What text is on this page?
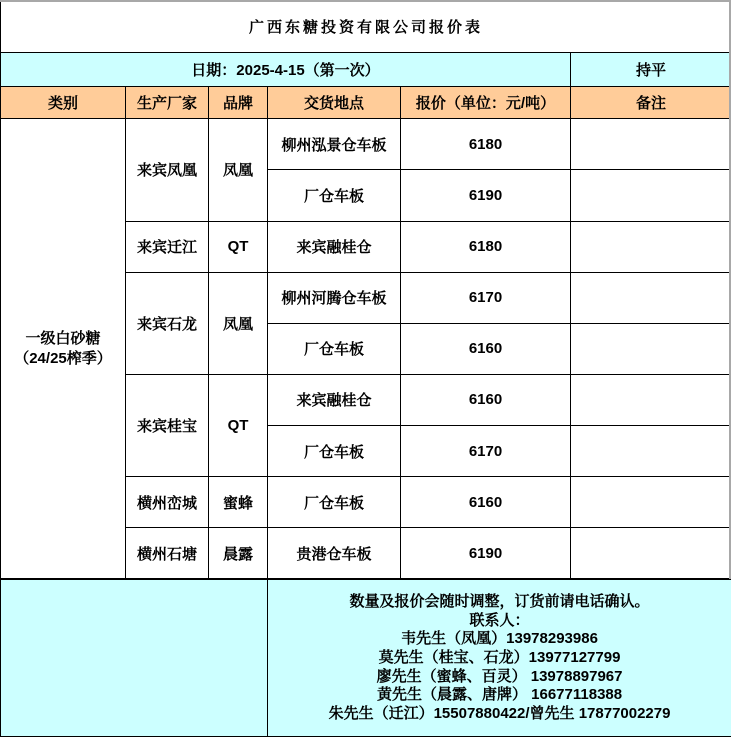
广西东糖投资有限公司报价表					
日期：2025-4-15（第一次）					持平
类别	生产厂家	品牌	交货地点	报价（单位：元/吨）	备注

一级白砂糖
（24/25榨季）	来宾凤凰	凤凰	柳州泓景仓车板	6180	
			厂仓车板	6190	
	来宾迁江	QT	来宾融桂仓	6180	
	来宾石龙	凤凰	柳州河腾仓车板	6170	
			厂仓车板	6160	
	来宾桂宝	QT	来宾融桂仓	6160	
			厂仓车板	6170	
	横州峦城	蜜蜂	厂仓车板	6160	
	横州石塘	晨露	贵港仓车板	6190	

数量及报价会随时调整，订货前请电话确认。
联系人：
韦先生（凤凰）13978293986
莫先生（桂宝、石龙）13977127799
廖先生（蜜蜂、百灵） 13978897967
黄先生（晨露、唐牌） 16677118388
朱先生（迁江）15507880422/曾先生 17877002279
